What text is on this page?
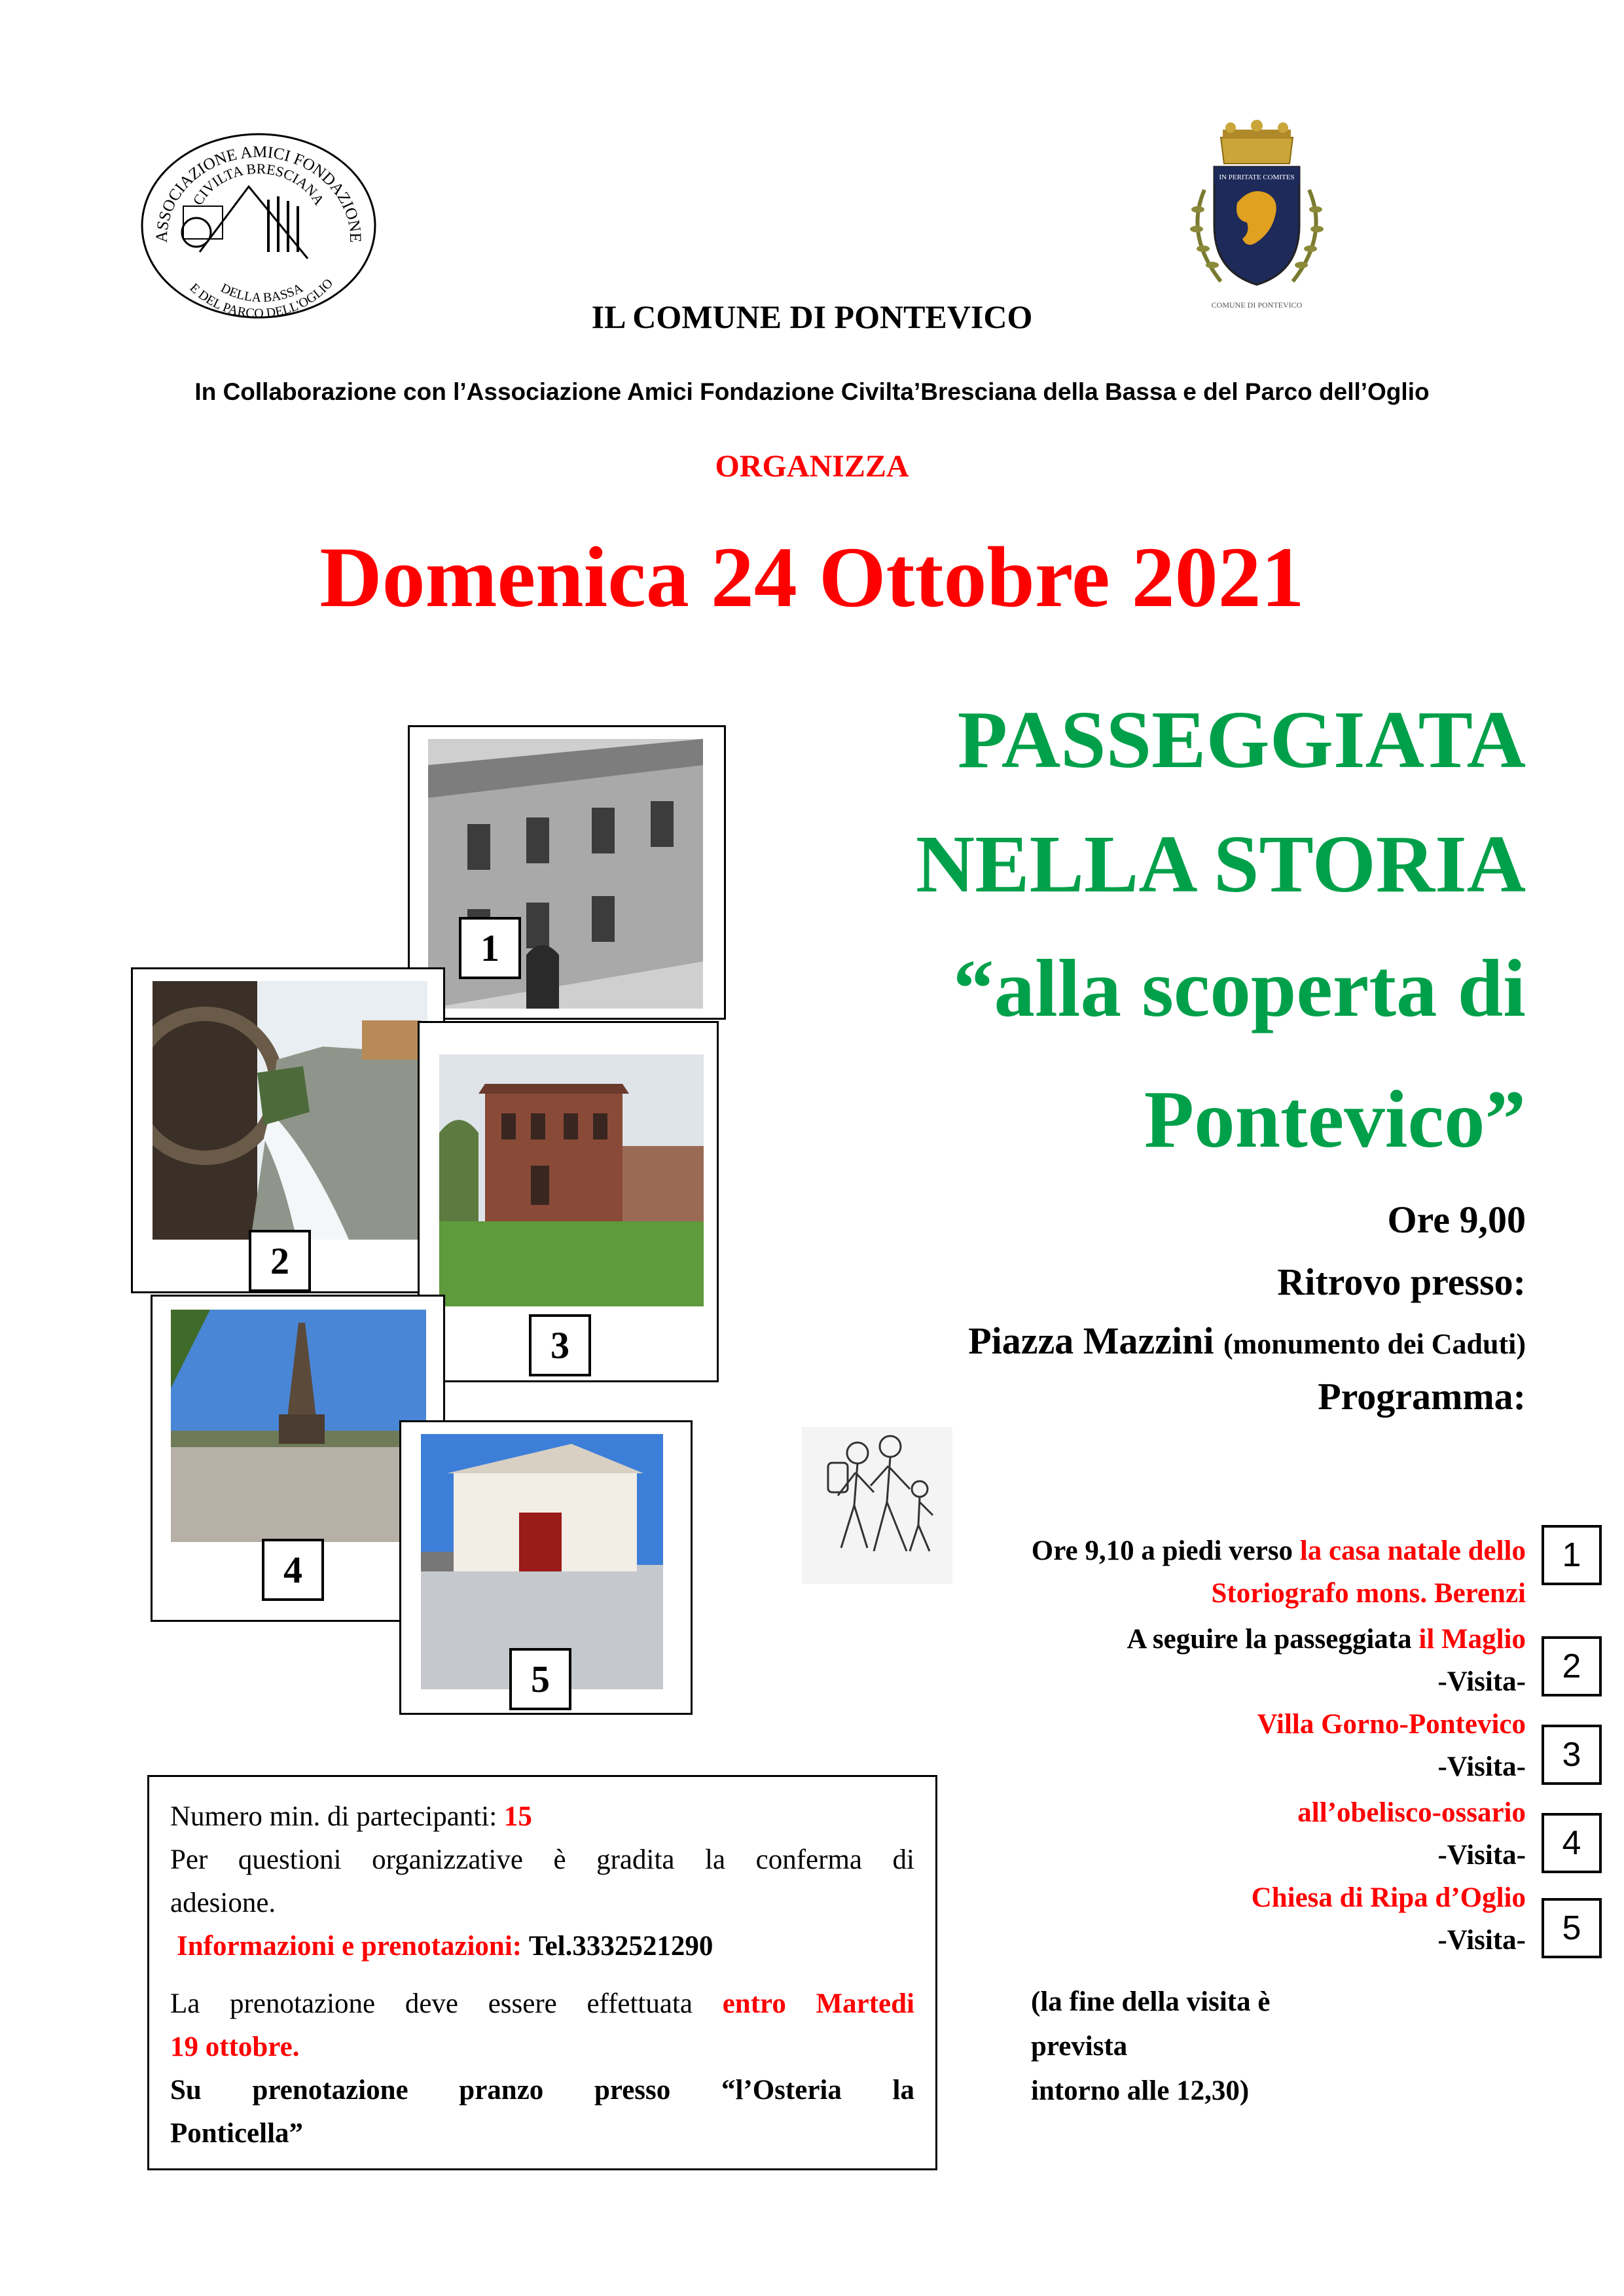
ASSOCIAZIONE AMICI FONDAZIONE
CIVILTA BRESCIANA
DELLA BASSA
E DEL PARCO DELL'OGLIO
IN PERITATE COMITES
COMUNE DI PONTEVICO
IL COMUNE DI PONTEVICO
In Collaborazione con l’Associazione Amici Fondazione Civilta’Bresciana della Bassa e del Parco dell’Oglio
ORGANIZZA
Domenica 24 Ottobre 2021
PASSEGGIATA
NELLA STORIA
“alla scoperta di
Pontevico”
Ore 9,00
Ritrovo presso:
Piazza Mazzini (monumento dei Caduti)
Programma:
1
2
3
4
5
Ore 9,10 a piedi verso la casa natale dello
Storiografo mons. Berenzi
1
A seguire la passeggiata il Maglio
-Visita-	2
Villa Gorno-Pontevico
-Visita-	3
all’obelisco-ossario
-Visita-	4
Chiesa di Ripa d’Oglio
-Visita-	5
(la fine della visita è prevista
intorno alle 12,30)

Numero min. di partecipanti: 15

Per questioni organizzative è gradita la conferma di

adesione.

Informazioni e prenotazioni: Tel.3332521290

La prenotazione deve essere effettuata entro Martedi

19 ottobre.

Su prenotazione pranzo presso “l’Osteria la

Ponticella”
